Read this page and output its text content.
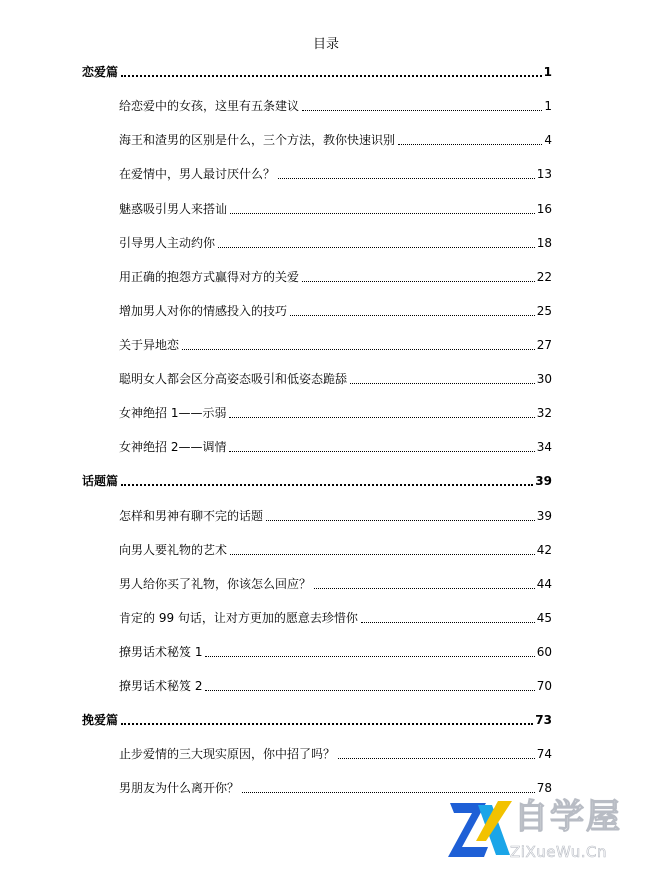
目录
恋爱篇	1
给恋爱中的女孩，这里有五条建议	1
海王和渣男的区别是什么，三个方法，教你快速识别	4
在爱情中，男人最讨厌什么？	13
魅惑吸引男人来搭讪	16
引导男人主动约你	18
用正确的抱怨方式赢得对方的关爱	22
增加男人对你的情感投入的技巧	25
关于异地恋	27
聪明女人都会区分高姿态吸引和低姿态跪舔	30
女神绝招 1——示弱	32
女神绝招 2——调情	34
话题篇	39
怎样和男神有聊不完的话题	39
向男人要礼物的艺术	42
男人给你买了礼物，你该怎么回应？	44
肯定的 99 句话，让对方更加的愿意去珍惜你	45
撩男话术秘笈 1	60
撩男话术秘笈 2	70
挽爱篇	73
止步爱情的三大现实原因，你中招了吗？	74
男朋友为什么离开你？	78
自学屋
ZiXueWu.Cn
